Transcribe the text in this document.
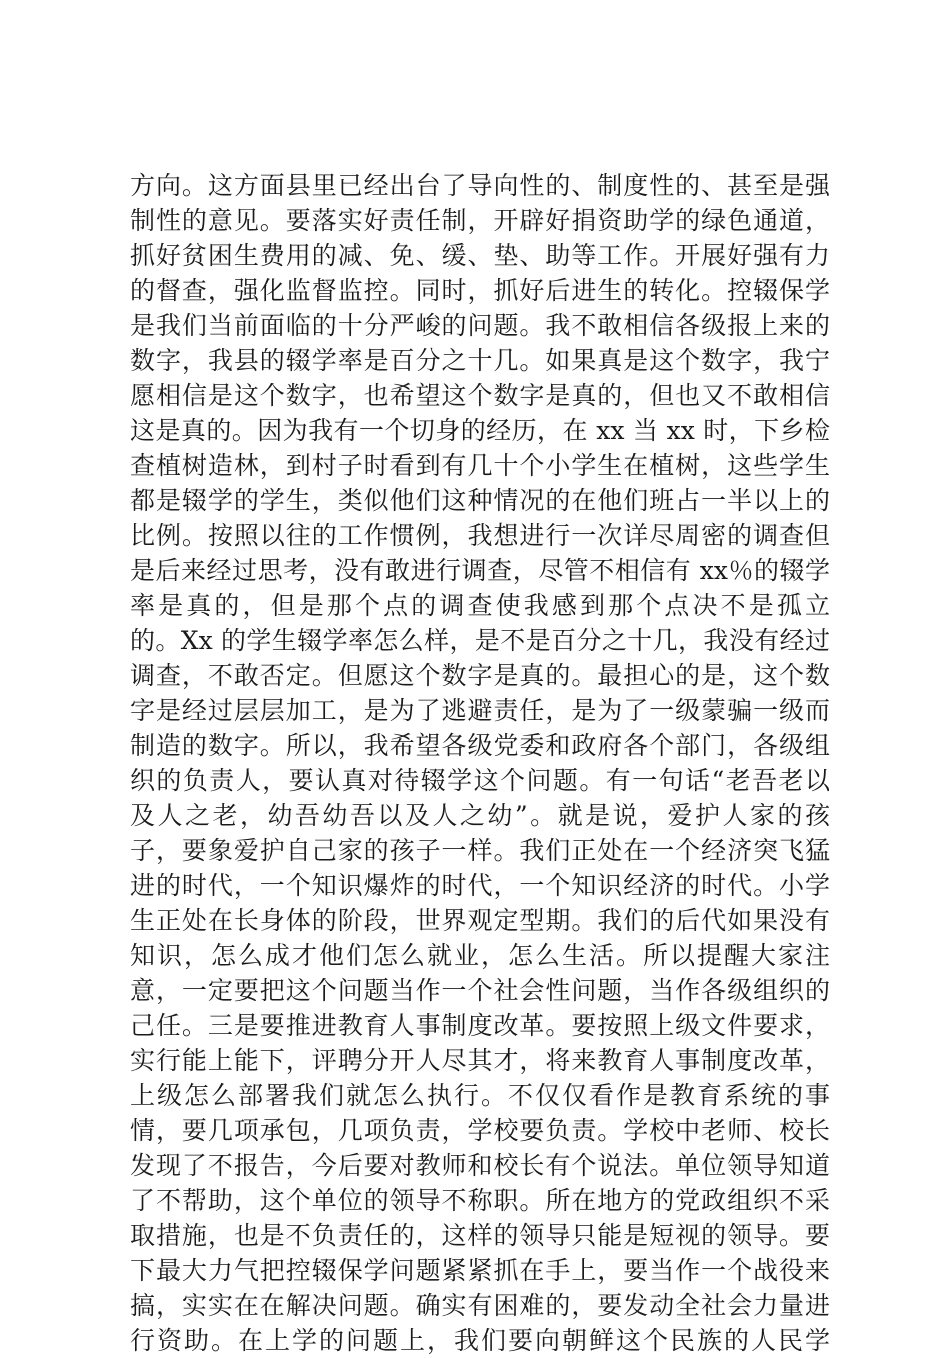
方向。这方面县里已经出台了导向性的、制度性的、甚至是强
制性的意见。要落实好责任制，开辟好捐资助学的绿色通道，
抓好贫困生费用的减、免、缓、垫、助等工作。开展好强有力
的督查，强化监督监控。同时，抓好后进生的转化。控辍保学
是我们当前面临的十分严峻的问题。我不敢相信各级报上来的
数字，我县的辍学率是百分之十几。如果真是这个数字，我宁
愿相信是这个数字，也希望这个数字是真的，但也又不敢相信
这是真的。因为我有一个切身的经历，在 xx 当 xx 时，下乡检
查植树造林，到村子时看到有几十个小学生在植树，这些学生
都是辍学的学生，类似他们这种情况的在他们班占一半以上的
比例。按照以往的工作惯例，我想进行一次详尽周密的调查但
是后来经过思考，没有敢进行调查，尽管不相信有 xx％的辍学
率是真的，但是那个点的调查使我感到那个点决不是孤立
的。Xx 的学生辍学率怎么样，是不是百分之十几，我没有经过
调查，不敢否定。但愿这个数字是真的。最担心的是，这个数
字是经过层层加工，是为了逃避责任，是为了一级蒙骗一级而
制造的数字。所以，我希望各级党委和政府各个部门，各级组
织的负责人，要认真对待辍学这个问题。有一句话“老吾老以
及人之老，幼吾幼吾以及人之幼”。就是说，爱护人家的孩
子，要象爱护自己家的孩子一样。我们正处在一个经济突飞猛
进的时代，一个知识爆炸的时代，一个知识经济的时代。小学
生正处在长身体的阶段，世界观定型期。我们的后代如果没有
知识，怎么成才他们怎么就业，怎么生活。所以提醒大家注
意，一定要把这个问题当作一个社会性问题，当作各级组织的
己任。三是要推进教育人事制度改革。要按照上级文件要求，
实行能上能下，评聘分开人尽其才，将来教育人事制度改革，
上级怎么部署我们就怎么执行。不仅仅看作是教育系统的事
情，要几项承包，几项负责，学校要负责。学校中老师、校长
发现了不报告，今后要对教师和校长有个说法。单位领导知道
了不帮助，这个单位的领导不称职。所在地方的党政组织不采
取措施，也是不负责任的，这样的领导只能是短视的领导。要
下最大力气把控辍保学问题紧紧抓在手上，要当作一个战役来
搞，实实在在解决问题。确实有困难的，要发动全社会力量进
行资助。在上学的问题上，我们要向朝鲜这个民族的人民学
